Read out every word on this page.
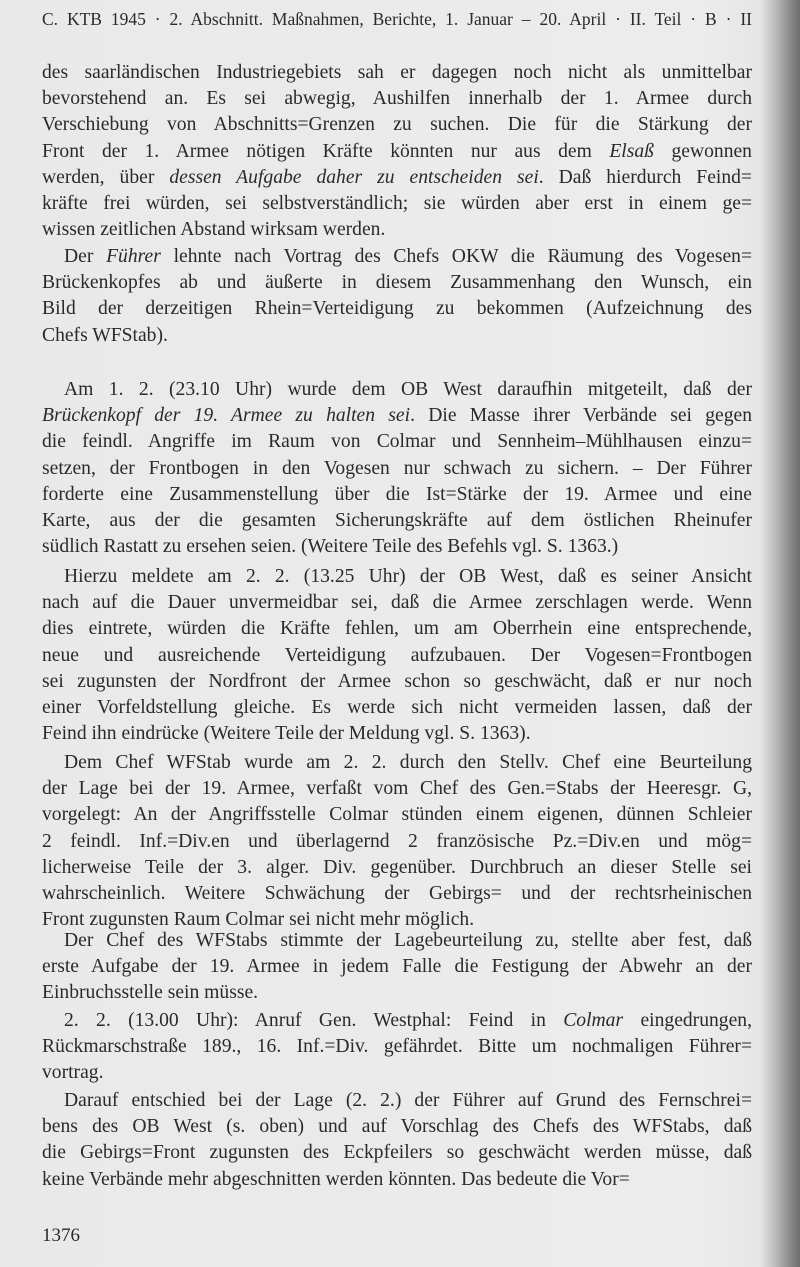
C. KTB 1945 · 2. Abschnitt. Maßnahmen, Berichte, 1. Januar – 20. April · II. Teil · B · II
des saarländischen Industriegebiets sah er dagegen noch nicht als unmittelbar
bevorstehend an. Es sei abwegig, Aushilfen innerhalb der 1. Armee durch
Verschiebung von Abschnitts=Grenzen zu suchen. Die für die Stärkung der
Front der 1. Armee nötigen Kräfte könnten nur aus dem Elsaß gewonnen
werden, über dessen Aufgabe daher zu entscheiden sei. Daß hierdurch Feind=
kräfte frei würden, sei selbstverständlich; sie würden aber erst in einem ge=
wissen zeitlichen Abstand wirksam werden.
Der Führer lehnte nach Vortrag des Chefs OKW die Räumung des Vogesen=
Brückenkopfes ab und äußerte in diesem Zusammenhang den Wunsch, ein
Bild der derzeitigen Rhein=Verteidigung zu bekommen (Aufzeichnung des
Chefs WFStab).
Am 1. 2. (23.10 Uhr) wurde dem OB West daraufhin mitgeteilt, daß der
Brückenkopf der 19. Armee zu halten sei. Die Masse ihrer Verbände sei gegen
die feindl. Angriffe im Raum von Colmar und Sennheim–Mühlhausen einzu=
setzen, der Frontbogen in den Vogesen nur schwach zu sichern. – Der Führer
forderte eine Zusammenstellung über die Ist=Stärke der 19. Armee und eine
Karte, aus der die gesamten Sicherungskräfte auf dem östlichen Rheinufer
südlich Rastatt zu ersehen seien. (Weitere Teile des Befehls vgl. S. 1363.)
Hierzu meldete am 2. 2. (13.25 Uhr) der OB West, daß es seiner Ansicht
nach auf die Dauer unvermeidbar sei, daß die Armee zerschlagen werde. Wenn
dies eintrete, würden die Kräfte fehlen, um am Oberrhein eine entsprechende,
neue und ausreichende Verteidigung aufzubauen. Der Vogesen=Frontbogen
sei zugunsten der Nordfront der Armee schon so geschwächt, daß er nur noch
einer Vorfeldstellung gleiche. Es werde sich nicht vermeiden lassen, daß der
Feind ihn eindrücke (Weitere Teile der Meldung vgl. S. 1363).
Dem Chef WFStab wurde am 2. 2. durch den Stellv. Chef eine Beurteilung
der Lage bei der 19. Armee, verfaßt vom Chef des Gen.=Stabs der Heeresgr. G,
vorgelegt: An der Angriffsstelle Colmar stünden einem eigenen, dünnen Schleier
2 feindl. Inf.=Div.en und überlagernd 2 französische Pz.=Div.en und mög=
licherweise Teile der 3. alger. Div. gegenüber. Durchbruch an dieser Stelle sei
wahrscheinlich. Weitere Schwächung der Gebirgs= und der rechtsrheinischen
Front zugunsten Raum Colmar sei nicht mehr möglich.
Der Chef des WFStabs stimmte der Lagebeurteilung zu, stellte aber fest, daß
erste Aufgabe der 19. Armee in jedem Falle die Festigung der Abwehr an der
Einbruchsstelle sein müsse.
2. 2. (13.00 Uhr): Anruf Gen. Westphal: Feind in Colmar eingedrungen,
Rückmarschstraße 189., 16. Inf.=Div. gefährdet. Bitte um nochmaligen Führer=
vortrag.
Darauf entschied bei der Lage (2. 2.) der Führer auf Grund des Fernschrei=
bens des OB West (s. oben) und auf Vorschlag des Chefs des WFStabs, daß
die Gebirgs=Front zugunsten des Eckpfeilers so geschwächt werden müsse, daß
keine Verbände mehr abgeschnitten werden könnten. Das bedeute die Vor=
1376
